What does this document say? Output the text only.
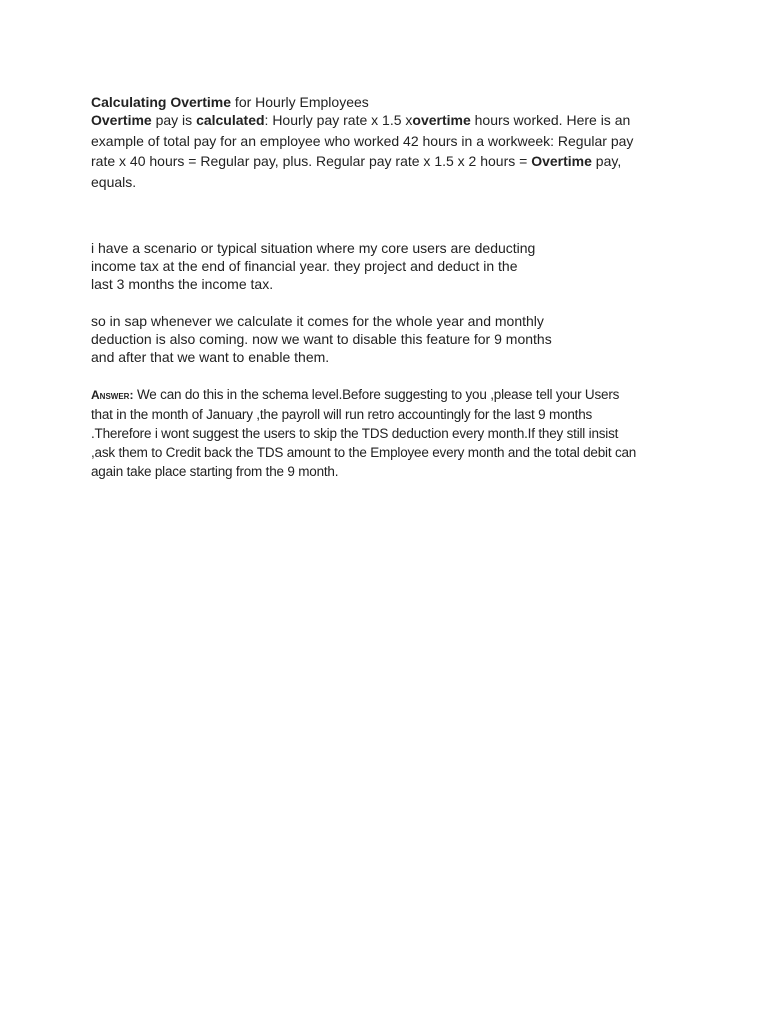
Calculating Overtime for Hourly Employees
Overtime pay is calculated: Hourly pay rate x 1.5 xovertime hours worked. Here is an
example of total pay for an employee who worked 42 hours in a workweek: Regular pay
rate x 40 hours = Regular pay, plus. Regular pay rate x 1.5 x 2 hours = Overtime pay,
equals.
i have a scenario or typical situation where my core users are deducting
income tax at the end of financial year. they project and deduct in the
last 3 months the income tax.
so in sap whenever we calculate it comes for the whole year and monthly
deduction is also coming. now we want to disable this feature for 9 months
and after that we want to enable them.
Answer: We can do this in the schema level.Before suggesting to you ,please tell your Users
that in the month of January ,the payroll will run retro accountingly for the last 9 months
.Therefore i wont suggest the users to skip the TDS deduction every month.If they still insist
,ask them to Credit back the TDS amount to the Employee every month and the total debit can
again take place starting from the 9 month.
